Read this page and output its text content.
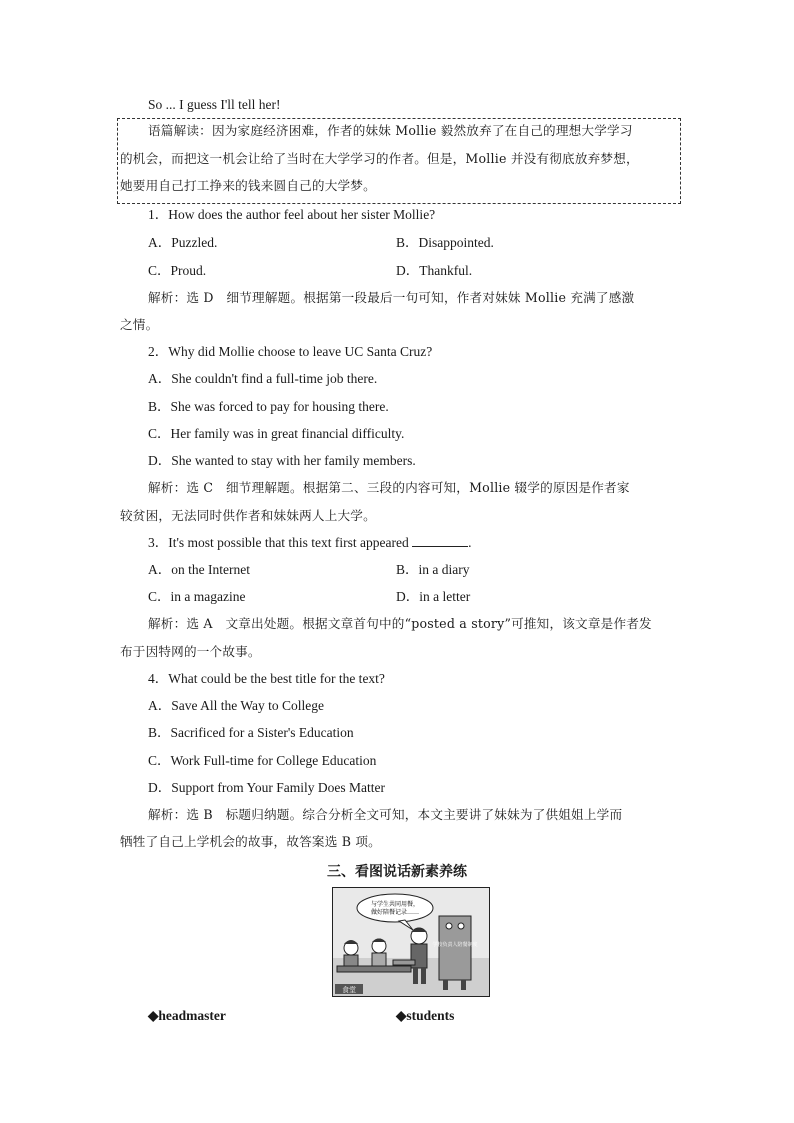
So ... I guess I'll tell her!
语篇解读：因为家庭经济困难，作者的妹妹 Mollie 毅然放弃了在自己的理想大学学习
的机会，而把这一机会让给了当时在大学学习的作者。但是，Mollie 并没有彻底放弃梦想，
她要用自己打工挣来的钱来圆自己的大学梦。
1．How does the author feel about her sister Mollie?
A．Puzzled.	B．Disappointed.
C．Proud.	D．Thankful.
解析：选 D　细节理解题。根据第一段最后一句可知，作者对妹妹 Mollie 充满了感激
之情。
2．Why did Mollie choose to leave UC Santa Cruz?
A．She couldn't find a full-time job there.
B．She was forced to pay for housing there.
C．Her family was in great financial difficulty.
D．She wanted to stay with her family members.
解析：选 C　细节理解题。根据第二、三段的内容可知，Mollie 辍学的原因是作者家
较贫困，无法同时供作者和妹妹两人上大学。
3．It's most possible that this text first appeared	.
A．on the Internet	B．in a diary
C．in a magazine	D．in a letter
解析：选 A　文章出处题。根据文章首句中的“posted a story”可推知，该文章是作者发
布于因特网的一个故事。
4．What could be the best title for the text?
A．Save All the Way to College
B．Sacrificed for a Sister's Education
C．Work Full-time for College Education
D．Support from Your Family Does Matter
解析：选 B　标题归纳题。综合分析全文可知，本文主要讲了妹妹为了供姐姐上学而
牺牲了自己上学机会的故事，故答案选 B 项。
三、看图说话新素养练
与学生共同用餐，
做好陪餐记录……
学校负责人陪餐制度
食堂
◆headmaster	◆students
